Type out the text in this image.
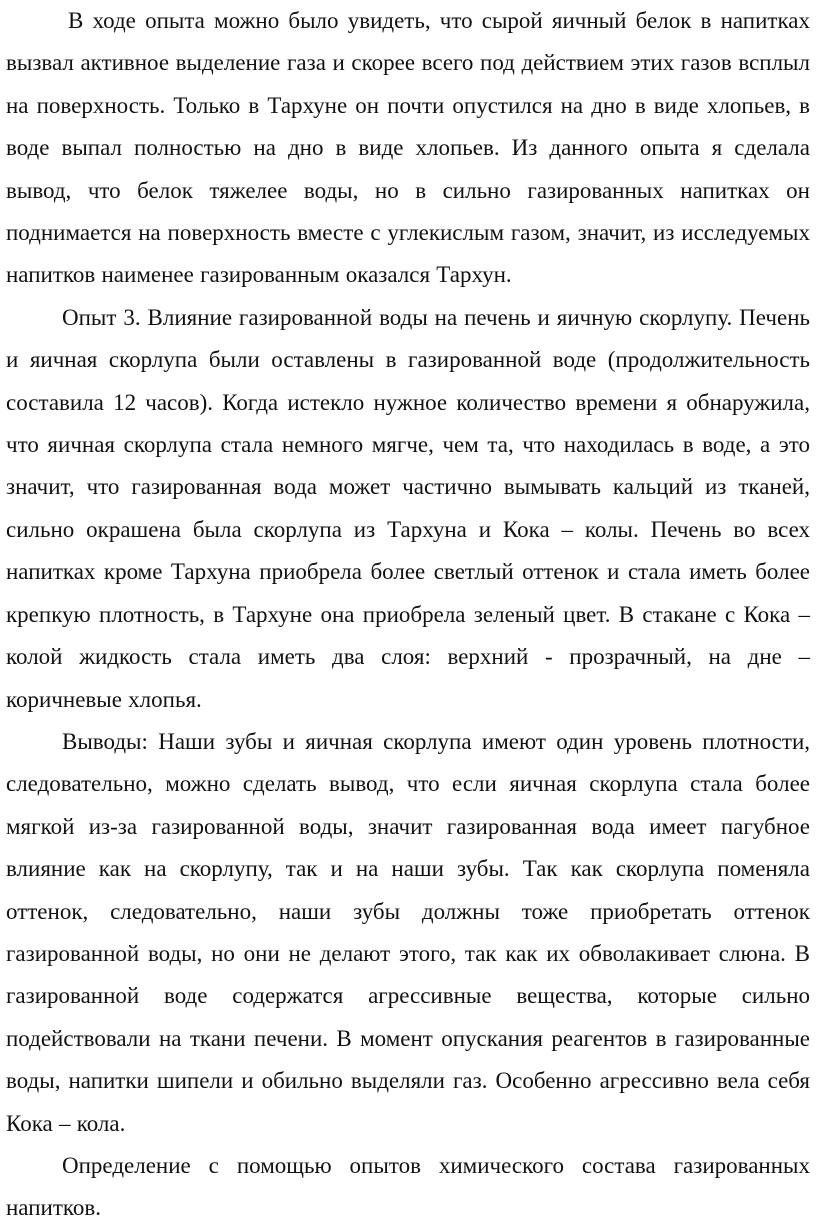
В ходе опыта можно было увидеть, что сырой яичный белок в напитках вызвал активное выделение газа и скорее всего под действием этих газов всплыл на поверхность. Только в Тархуне он почти опустился на дно в виде хлопьев, в воде выпал полностью на дно в виде хлопьев. Из данного опыта я сделала вывод, что белок тяжелее воды, но в сильно газированных напитках он поднимается на поверхность вместе с углекислым газом, значит, из исследуемых напитков наименее газированным оказался Тархун.

Опыт 3. Влияние газированной воды на печень и яичную скорлупу. Печень и яичная скорлупа были оставлены в газированной воде (продолжительность составила 12 часов). Когда истекло нужное количество времени я обнаружила, что яичная скорлупа стала немного мягче, чем та, что находилась в воде, а это значит, что газированная вода может частично вымывать кальций из тканей, сильно окрашена была скорлупа из Тархуна и Кока – колы. Печень во всех напитках кроме Тархуна приобрела более светлый оттенок и стала иметь более крепкую плотность, в Тархуне она приобрела зеленый цвет. В стакане с Кока –колой жидкость стала иметь два слоя: верхний - прозрачный, на дне –коричневые хлопья.

Выводы: Наши зубы и яичная скорлупа имеют один уровень плотности, следовательно, можно сделать вывод, что если яичная скорлупа стала более мягкой из-за газированной воды, значит газированная вода имеет пагубное влияние как на скорлупу, так и на наши зубы. Так как скорлупа поменяла оттенок, следовательно, наши зубы должны тоже приобретать оттенок газированной воды, но они не делают этого, так как их обволакивает слюна. В газированной воде содержатся агрессивные вещества, которые сильно подействовали на ткани печени. В момент опускания реагентов в газированные воды, напитки шипели и обильно выделяли газ. Особенно агрессивно вела себя Кока – кола.

Определение с помощью опытов химического состава газированных напитков.
